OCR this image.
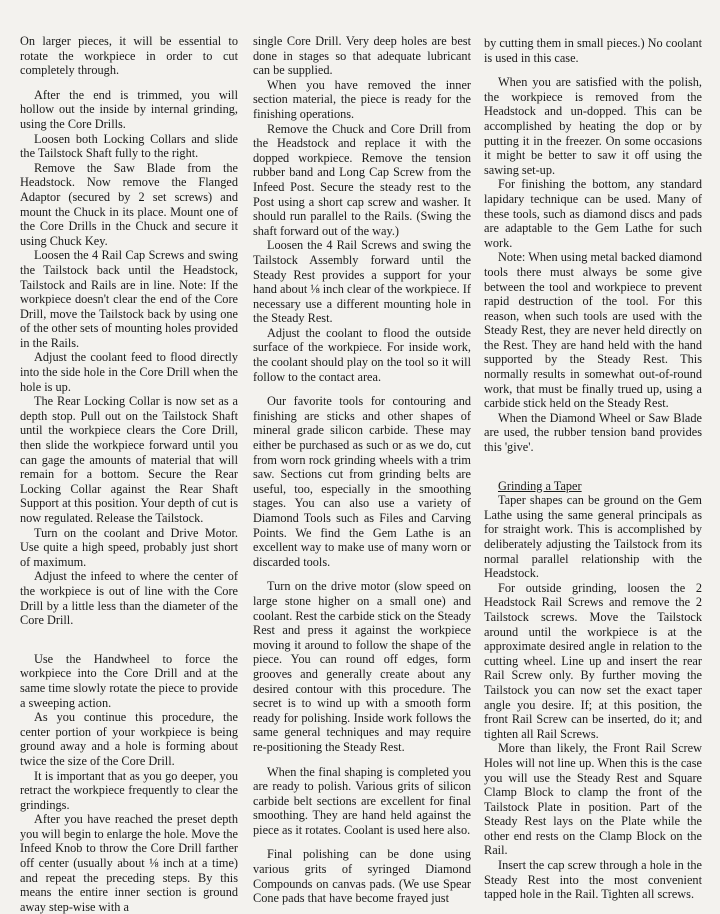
On larger pieces, it will be essential to rotate the workpiece in order to cut completely through.

After the end is trimmed, you will hollow out the inside by internal grinding, using the Core Drills.

Loosen both Locking Collars and slide the Tailstock Shaft fully to the right.

Remove the Saw Blade from the Headstock. Now remove the Flanged Adaptor (secured by 2 set screws) and mount the Chuck in its place. Mount one of the Core Drills in the Chuck and secure it using Chuck Key.

Loosen the 4 Rail Cap Screws and swing the Tailstock back until the Headstock, Tailstock and Rails are in line. Note: If the workpiece doesn't clear the end of the Core Drill, move the Tailstock back by using one of the other sets of mounting holes provided in the Rails.

Adjust the coolant feed to flood directly into the side hole in the Core Drill when the hole is up.

The Rear Locking Collar is now set as a depth stop. Pull out on the Tailstock Shaft until the workpiece clears the Core Drill, then slide the workpiece forward until you can gage the amounts of material that will remain for a bottom. Secure the Rear Locking Collar against the Rear Shaft Support at this position. Your depth of cut is now regulated. Release the Tailstock.

Turn on the coolant and Drive Motor. Use quite a high speed, probably just short of maximum.

Adjust the infeed to where the center of the workpiece is out of line with the Core Drill by a little less than the diameter of the Core Drill.

Use the Handwheel to force the workpiece into the Core Drill and at the same time slowly rotate the piece to provide a sweeping action.

As you continue this procedure, the center portion of your workpiece is being ground away and a hole is forming about twice the size of the Core Drill.

It is important that as you go deeper, you retract the workpiece frequently to clear the grindings.

After you have reached the preset depth you will begin to enlarge the hole. Move the Infeed Knob to throw the Core Drill farther off center (usually about ⅛ inch at a time) and repeat the preceding steps. By this means the entire inner section is ground away step-wise with a

single Core Drill. Very deep holes are best done in stages so that adequate lubricant can be supplied.

When you have removed the inner section material, the piece is ready for the finishing operations.

Remove the Chuck and Core Drill from the Headstock and replace it with the dopped workpiece. Remove the tension rubber band and Long Cap Screw from the Infeed Post. Secure the steady rest to the Post using a short cap screw and washer. It should run parallel to the Rails. (Swing the shaft forward out of the way.)

Loosen the 4 Rail Screws and swing the Tailstock Assembly forward until the Steady Rest provides a support for your hand about ⅛ inch clear of the workpiece. If necessary use a different mounting hole in the Steady Rest.

Adjust the coolant to flood the outside surface of the workpiece. For inside work, the coolant should play on the tool so it will follow to the contact area.

Our favorite tools for contouring and finishing are sticks and other shapes of mineral grade silicon carbide. These may either be purchased as such or as we do, cut from worn rock grinding wheels with a trim saw. Sections cut from grinding belts are useful, too, especially in the smoothing stages. You can also use a variety of Diamond Tools such as Files and Carving Points. We find the Gem Lathe is an excellent way to make use of many worn or discarded tools.

Turn on the drive motor (slow speed on large stone higher on a small one) and coolant. Rest the carbide stick on the Steady Rest and press it against the workpiece moving it around to follow the shape of the piece. You can round off edges, form grooves and generally create about any desired contour with this procedure. The secret is to wind up with a smooth form ready for polishing. Inside work follows the same general techniques and may require re-positioning the Steady Rest.

When the final shaping is completed you are ready to polish. Various grits of silicon carbide belt sections are excellent for final smoothing. They are hand held against the piece as it rotates. Coolant is used here also.

Final polishing can be done using various grits of syringed Diamond Compounds on canvas pads. (We use Spear Cone pads that have become frayed just

by cutting them in small pieces.) No coolant is used in this case.

When you are satisfied with the polish, the workpiece is removed from the Headstock and un-dopped. This can be accomplished by heating the dop or by putting it in the freezer. On some occasions it might be better to saw it off using the sawing set-up.

For finishing the bottom, any standard lapidary technique can be used. Many of these tools, such as diamond discs and pads are adaptable to the Gem Lathe for such work.

Note: When using metal backed diamond tools there must always be some give between the tool and workpiece to prevent rapid destruction of the tool. For this reason, when such tools are used with the Steady Rest, they are never held directly on the Rest. They are hand held with the hand supported by the Steady Rest. This normally results in somewhat out-of-round work, that must be finally trued up, using a carbide stick held on the Steady Rest.

When the Diamond Wheel or Saw Blade are used, the rubber tension band provides this 'give'.

Grinding a Taper

Taper shapes can be ground on the Gem Lathe using the same general principals as for straight work. This is accomplished by deliberately adjusting the Tailstock from its normal parallel relationship with the Headstock.

For outside grinding, loosen the 2 Headstock Rail Screws and remove the 2 Tailstock screws. Move the Tailstock around until the workpiece is at the approximate desired angle in relation to the cutting wheel. Line up and insert the rear Rail Screw only. By further moving the Tailstock you can now set the exact taper angle you desire. If; at this position, the front Rail Screw can be inserted, do it; and tighten all Rail Screws.

More than likely, the Front Rail Screw Holes will not line up. When this is the case you will use the Steady Rest and Square Clamp Block to clamp the front of the Tailstock Plate in position. Part of the Steady Rest lays on the Plate while the other end rests on the Clamp Block on the Rail.

Insert the cap screw through a hole in the Steady Rest into the most convenient tapped hole in the Rail. Tighten all screws.
